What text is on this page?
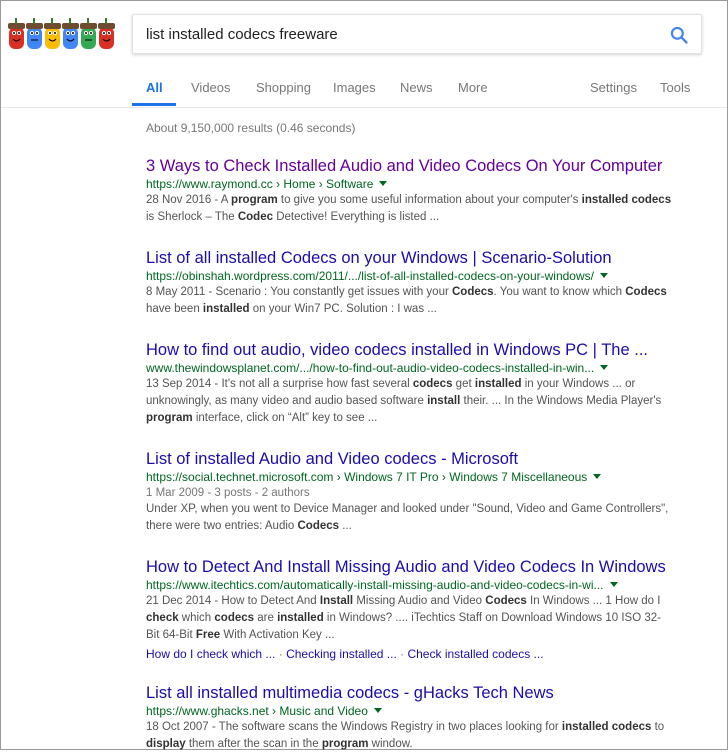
list installed codecs freeware
All Videos Shopping Images News More	Settings Tools
About 9,150,000 results (0.46 seconds)
3 Ways to Check Installed Audio and Video Codecs On Your Computer
https://www.raymond.cc › Home › Software
28 Nov 2016 - A program to give you some useful information about your computer's installed codecs
is Sherlock – The Codec Detective! Everything is listed ...
List of all installed Codecs on your Windows | Scenario-Solution
https://obinshah.wordpress.com/2011/.../list-of-all-installed-codecs-on-your-windows/
8 May 2011 - Scenario : You constantly get issues with your Codecs. You want to know which Codecs
have been installed on your Win7 PC. Solution : I was ...
How to find out audio, video codecs installed in Windows PC | The ...
www.thewindowsplanet.com/.../how-to-find-out-audio-video-codecs-installed-in-win...
13 Sep 2014 - It's not all a surprise how fast several codecs get installed in your Windows ... or
unknowingly, as many video and audio based software install their. ... In the Windows Media Player's
program interface, click on “Alt” key to see ...
List of installed Audio and Video codecs - Microsoft
https://social.technet.microsoft.com › Windows 7 IT Pro › Windows 7 Miscellaneous
1 Mar 2009 - 3 posts - 2 authors
Under XP, when you went to Device Manager and looked under "Sound, Video and Game Controllers",
there were two entries: Audio Codecs ...
How to Detect And Install Missing Audio and Video Codecs In Windows
https://www.itechtics.com/automatically-install-missing-audio-and-video-codecs-in-wi...
21 Dec 2014 - How to Detect And Install Missing Audio and Video Codecs In Windows ... 1 How do I
check which codecs are installed in Windows? .... iTechtics Staff on Download Windows 10 ISO 32-
Bit 64-Bit Free With Activation Key ...
How do I check which ... · Checking installed ... · Check installed codecs ...
List all installed multimedia codecs - gHacks Tech News
https://www.ghacks.net › Music and Video
18 Oct 2007 - The software scans the Windows Registry in two places looking for installed codecs to
display them after the scan in the program window.
